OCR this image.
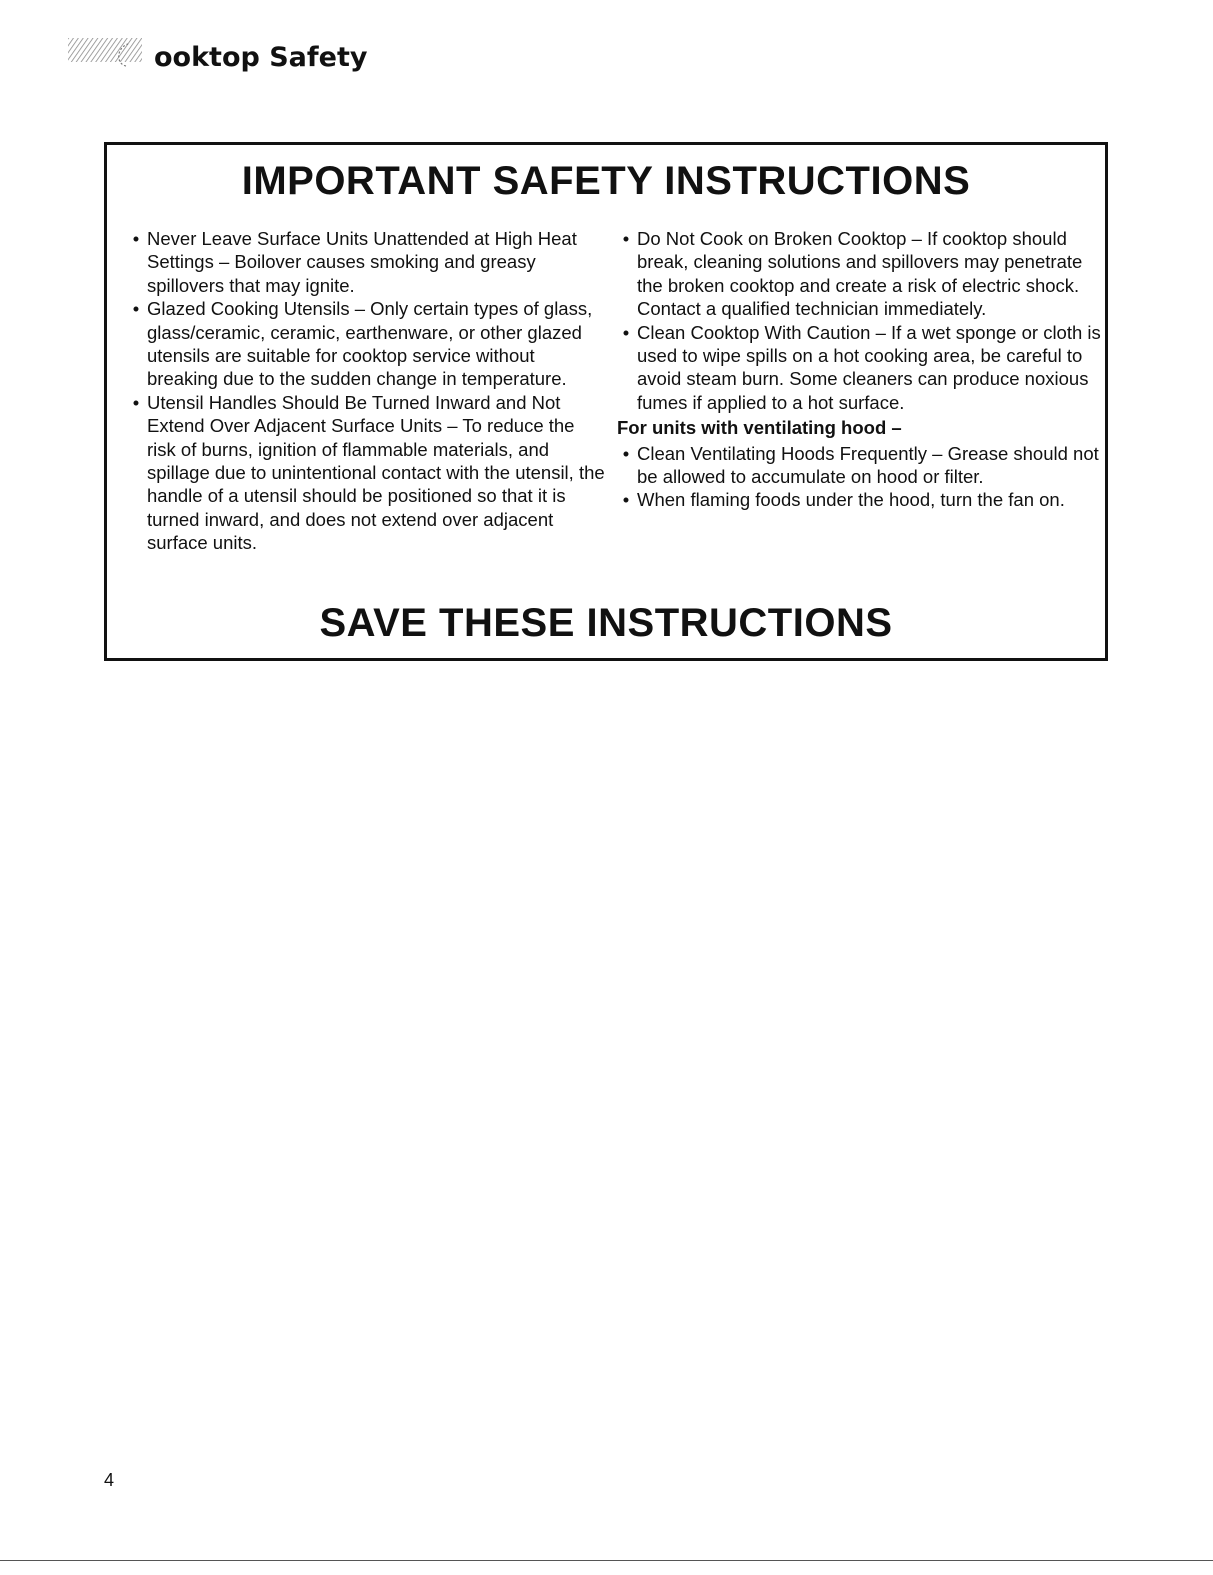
ooktop Safety
IMPORTANT SAFETY INSTRUCTIONS
• Never Leave Surface Units Unattended at High Heat Settings – Boilover causes smoking and greasy spillovers that may ignite.
• Glazed Cooking Utensils – Only certain types of glass, glass/ceramic, ceramic, earthenware, or other glazed utensils are suitable for cooktop service without breaking due to the sudden change in temperature.
• Utensil Handles Should Be Turned Inward and Not Extend Over Adjacent Surface Units – To reduce the risk of burns, ignition of flammable materials, and spillage due to unintentional contact with the utensil, the handle of a utensil should be positioned so that it is turned inward, and does not extend over adjacent surface units.
• Do Not Cook on Broken Cooktop – If cooktop should break, cleaning solutions and spillovers may penetrate the broken cooktop and create a risk of electric shock. Contact a qualified technician immediately.
• Clean Cooktop With Caution – If a wet sponge or cloth is used to wipe spills on a hot cooking area, be careful to avoid steam burn. Some cleaners can produce noxious fumes if applied to a hot surface.
For units with ventilating hood –
• Clean Ventilating Hoods Frequently – Grease should not be allowed to accumulate on hood or filter.
• When flaming foods under the hood, turn the fan on.
SAVE THESE INSTRUCTIONS
4
